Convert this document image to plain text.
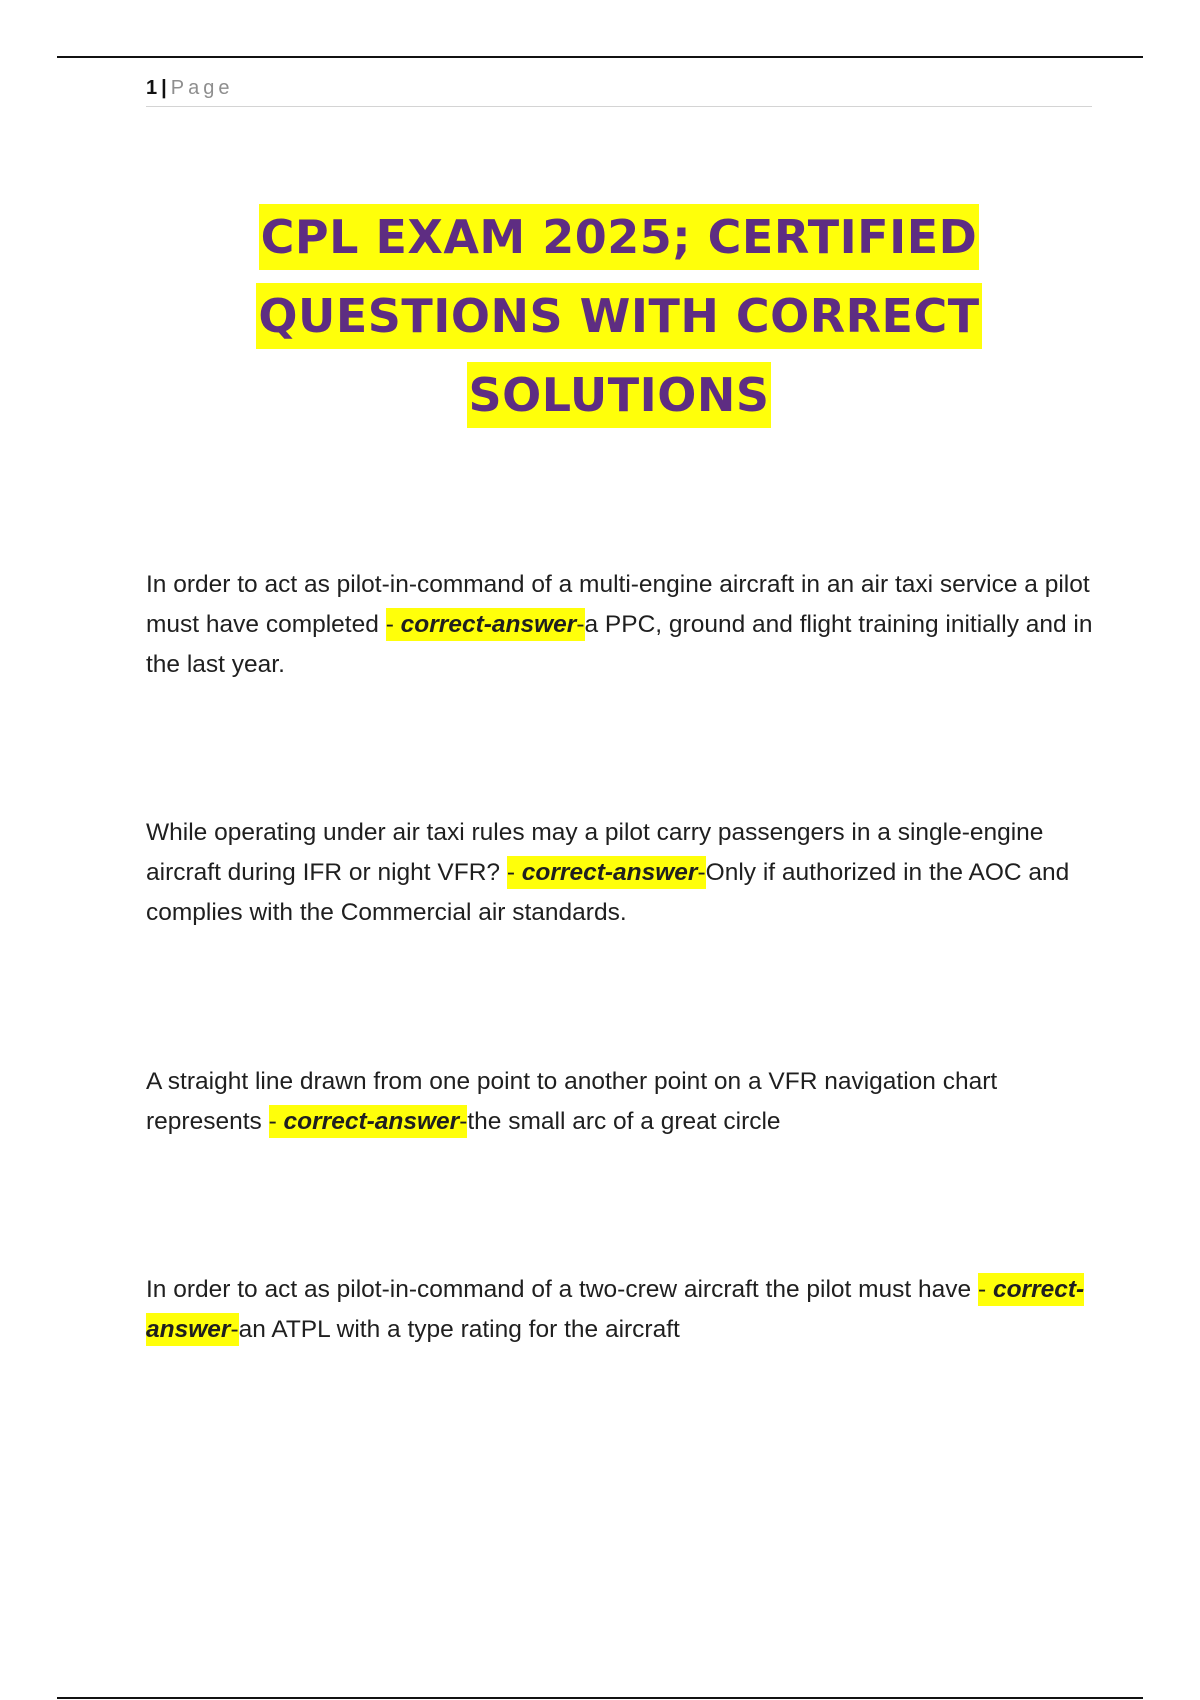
1 | Page
CPL EXAM 2025; CERTIFIED
QUESTIONS WITH CORRECT
SOLUTIONS
In order to act as pilot-in-command of a multi-engine aircraft in an air taxi service a pilot must have completed - correct-answer-a PPC, ground and flight training initially and in the last year.
While operating under air taxi rules may a pilot carry passengers in a single-engine aircraft during IFR or night VFR? - correct-answer-Only if authorized in the AOC and complies with the Commercial air standards.
A straight line drawn from one point to another point on a VFR navigation chart represents - correct-answer-the small arc of a great circle
In order to act as pilot-in-command of a two-crew aircraft the pilot must have - correct-answer-an ATPL with a type rating for the aircraft
